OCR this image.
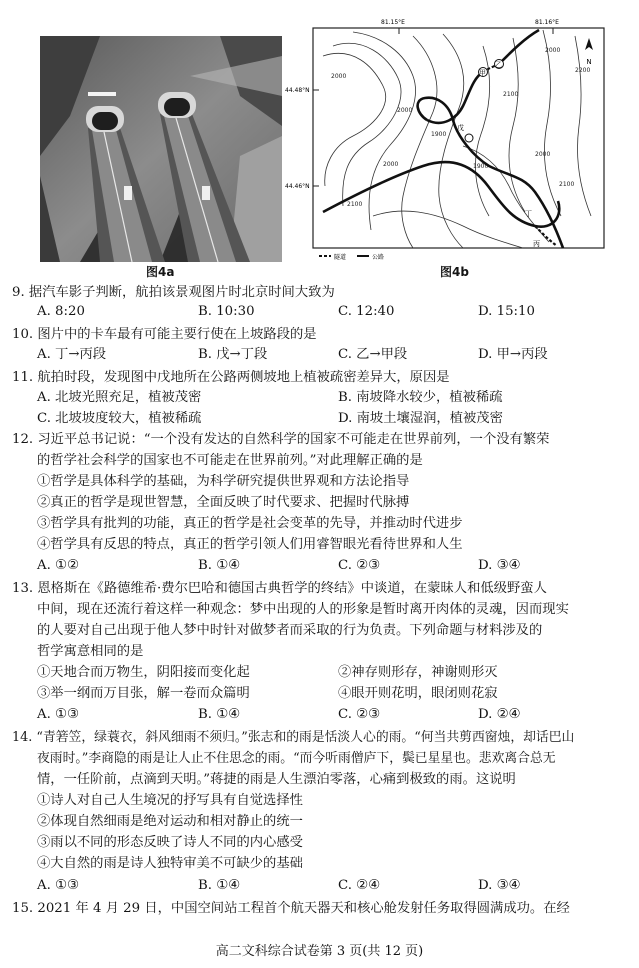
图4a
81.15°E	81.16°E
44.48°N
44.46°N
2000
2000
2100
2100
2000
1900
1900
2000
2100
2200
2000
甲
乙
戊
丁
丙
N
隧道	公路
图4b
9. 据汽车影子判断，航拍该景观图片时北京时间大致为
A. 8:20	B. 10:30	C. 12:40	D. 15:10
10. 图片中的卡车最有可能主要行使在上坡路段的是
A. 丁→丙段	B. 戊→丁段	C. 乙→甲段	D. 甲→丙段
11. 航拍时段，发现图中戊地所在公路两侧坡地上植被疏密差异大，原因是
A. 北坡光照充足，植被茂密	B. 南坡降水较少，植被稀疏
C. 北坡坡度较大，植被稀疏	D. 南坡土壤湿润，植被茂密
12. 习近平总书记说：“一个没有发达的自然科学的国家不可能走在世界前列，一个没有繁荣
的哲学社会科学的国家也不可能走在世界前列。”对此理解正确的是
①哲学是具体科学的基础，为科学研究提供世界观和方法论指导
②真正的哲学是现世智慧，全面反映了时代要求、把握时代脉搏
③哲学具有批判的功能，真正的哲学是社会变革的先导，并推动时代进步
④哲学具有反思的特点，真正的哲学引领人们用睿智眼光看待世界和人生
A. ①②	B. ①④	C. ②③	D. ③④
13. 恩格斯在《路德维希·费尔巴哈和德国古典哲学的终结》中谈道，在蒙昧人和低级野蛮人
中间，现在还流行着这样一种观念：梦中出现的人的形象是暂时离开肉体的灵魂，因而现实
的人要对自己出现于他人梦中时针对做梦者而采取的行为负责。下列命题与材料涉及的
哲学寓意相同的是
①天地合而万物生，阴阳接而变化起	②神存则形存，神谢则形灭
③举一纲而万目张，解一卷而众篇明	④眼开则花明，眼闭则花寂
A. ①③	B. ①④	C. ②③	D. ②④
14. “青箬笠，绿蓑衣，斜风细雨不须归。”张志和的雨是恬淡人心的雨。“何当共剪西窗烛，却话巴山
夜雨时。”李商隐的雨是让人止不住思念的雨。“而今听雨僧庐下，鬓已星星也。悲欢离合总无
情，一任阶前，点滴到天明。”蒋捷的雨是人生漂泊零落，心痛到极致的雨。这说明
①诗人对自己人生境况的抒写具有自觉选择性
②体现自然细雨是绝对运动和相对静止的统一
③雨以不同的形态反映了诗人不同的内心感受
④大自然的雨是诗人独特审美不可缺少的基础
A. ①③	B. ①④	C. ②④	D. ③④
15. 2021 年 4 月 29 日，中国空间站工程首个航天器天和核心舱发射任务取得圆满成功。在经
高二文科综合试卷第 3 页(共 12 页)
